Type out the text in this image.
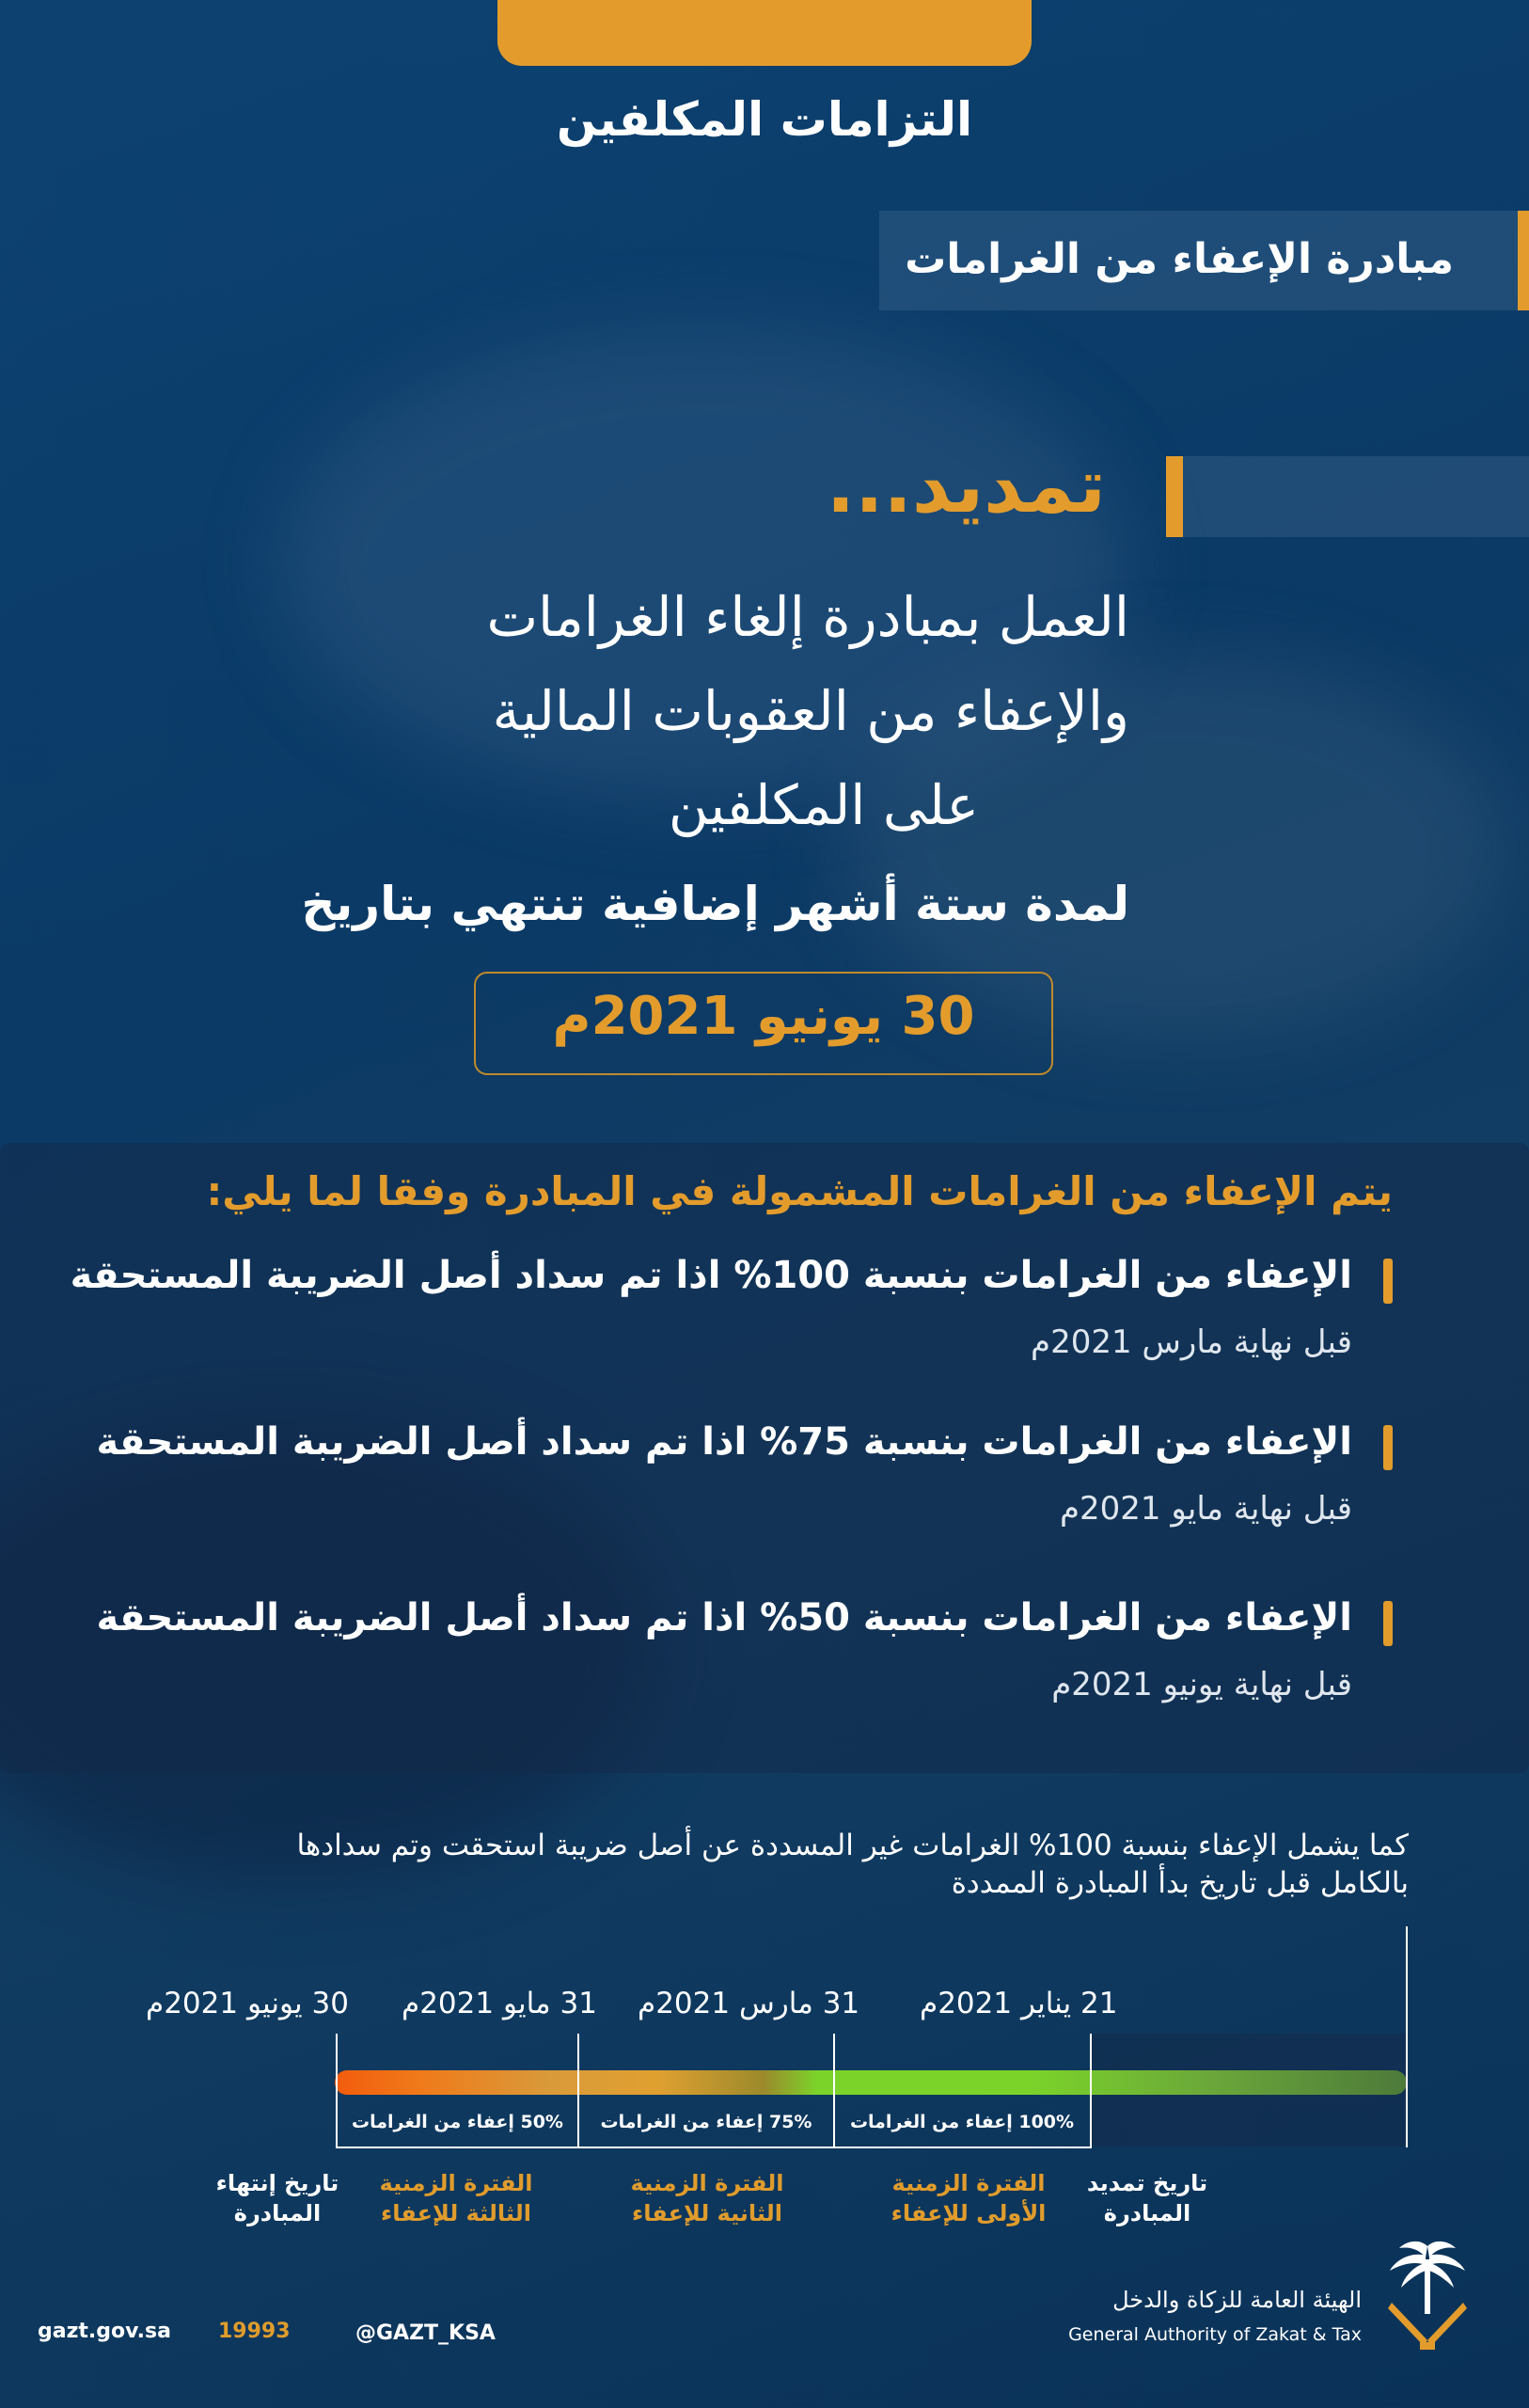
التزامات المكلفين
مبادرة الإعفاء من الغرامات
تمديد...
العمل بمبادرة إلغاء الغرامات
والإعفاء من العقوبات المالية
على المكلفين
لمدة ستة أشهر إضافية تنتهي بتاريخ
30 يونيو 2021م
يتم الإعفاء من الغرامات المشمولة في المبادرة وفقا لما يلي:
الإعفاء من الغرامات بنسبة 100% اذا تم سداد أصل الضريبة المستحقة
قبل نهاية مارس 2021م
الإعفاء من الغرامات بنسبة 75% اذا تم سداد أصل الضريبة المستحقة
قبل نهاية مايو 2021م
الإعفاء من الغرامات بنسبة 50% اذا تم سداد أصل الضريبة المستحقة
قبل نهاية يونيو 2021م
كما يشمل الإعفاء بنسبة 100% الغرامات غير المسددة عن أصل ضريبة استحقت وتم سدادها
بالكامل قبل تاريخ بدأ المبادرة الممددة
21 يناير 2021م
31 مارس 2021م
31 مايو 2021م
30 يونيو 2021م
100% إعفاء من الغرامات
75% إعفاء من الغرامات
50% إعفاء من الغرامات
تاريخ تمديد
المبادرة
الفترة الزمنية
الأولى للإعفاء
الفترة الزمنية
الثانية للإعفاء
الفترة الزمنية
الثالثة للإعفاء
تاريخ إنتهاء
المبادرة
gazt.gov.sa 19993	@GAZT_KSA
الهيئة العامة للزكاة والدخل
General Authority of Zakat & Tax
